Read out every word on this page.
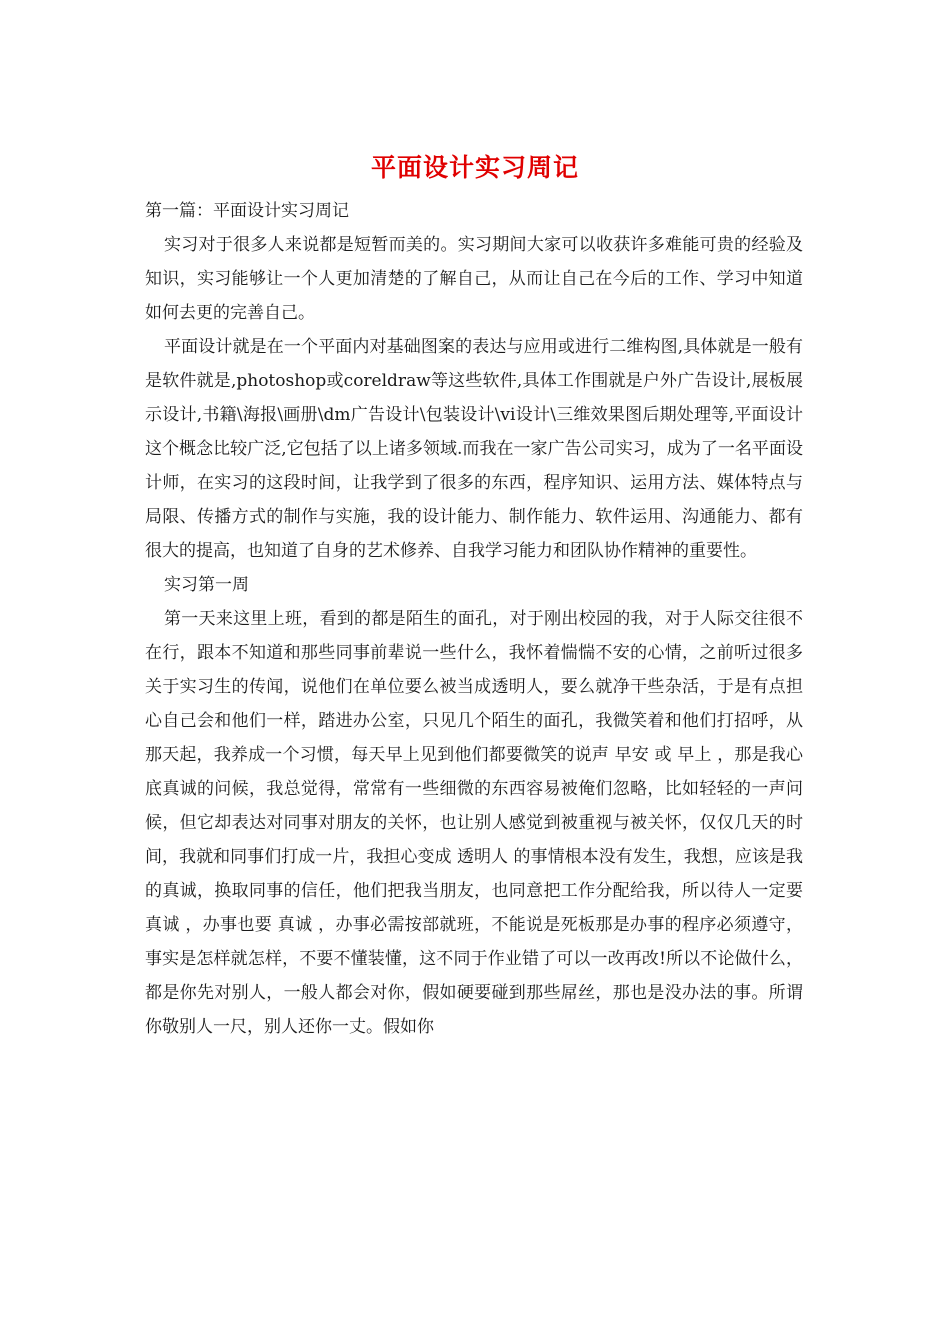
平面设计实习周记

第一篇：平面设计实习周记

实习对于很多人来说都是短暂而美的。实习期间大家可以收获许多难能可贵的经验及知识，实习能够让一个人更加清楚的了解自己，从而让自己在今后的工作、学习中知道如何去更的完善自己。

平面设计就是在一个平面内对基础图案的表达与应用或进行二维构图,具体就是一般有是软件就是,photoshop或coreldraw等这些软件,具体工作围就是户外广告设计,展板展示设计,书籍\海报\画册\dm广告设计\包装设计\vi设计\三维效果图后期处理等,平面设计这个概念比较广泛,它包括了以上诸多领域.而我在一家广告公司实习，成为了一名平面设计师，在实习的这段时间，让我学到了很多的东西，程序知识、运用方法、媒体特点与局限、传播方式的制作与实施，我的设计能力、制作能力、软件运用、沟通能力、都有很大的提高，也知道了自身的艺术修养、自我学习能力和团队协作精神的重要性。

实习第一周

第一天来这里上班，看到的都是陌生的面孔，对于刚出校园的我，对于人际交往很不在行，跟本不知道和那些同事前辈说一些什么，我怀着惴惴不安的心情，之前听过很多关于实习生的传闻，说他们在单位要么被当成透明人，要么就净干些杂活，于是有点担心自己会和他们一样，踏进办公室，只见几个陌生的面孔，我微笑着和他们打招呼，从那天起，我养成一个习惯，每天早上见到他们都要微笑的说声 早安 或 早上 ，那是我心底真诚的问候，我总觉得，常常有一些细微的东西容易被俺们忽略，比如轻轻的一声问候，但它却表达对同事对朋友的关怀，也让别人感觉到被重视与被关怀，仅仅几天的时间，我就和同事们打成一片，我担心变成 透明人 的事情根本没有发生，我想，应该是我的真诚，换取同事的信任，他们把我当朋友，也同意把工作分配给我，所以待人一定要 真诚 ，办事也要 真诚 ，办事必需按部就班，不能说是死板那是办事的程序必须遵守，事实是怎样就怎样，不要不懂装懂，这不同于作业错了可以一改再改!所以不论做什么，都是你先对别人，一般人都会对你，假如硬要碰到那些屌丝，那也是没办法的事。所谓你敬别人一尺，别人还你一丈。假如你
